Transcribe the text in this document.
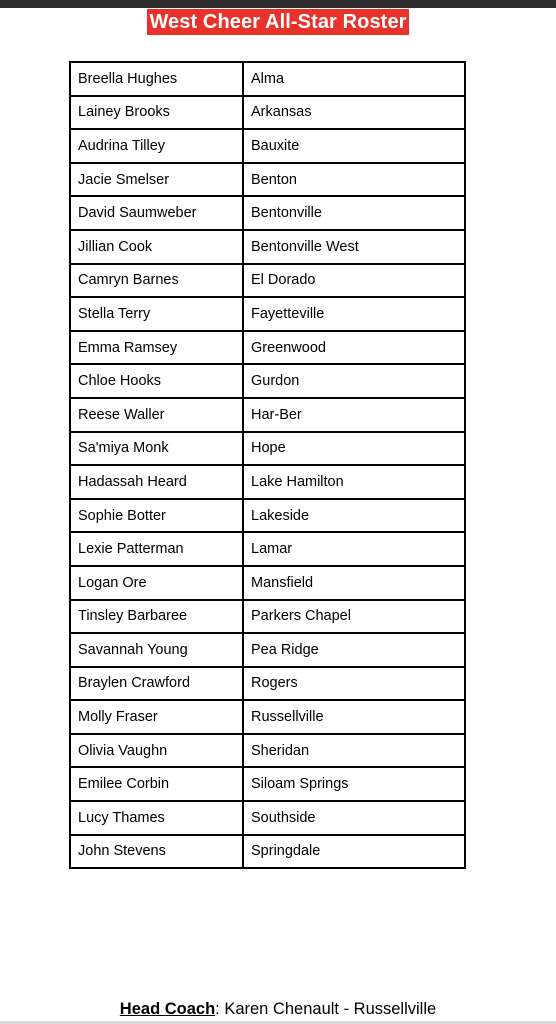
West Cheer All-Star Roster
Breella Hughes	Alma
Lainey Brooks	Arkansas
Audrina Tilley	Bauxite
Jacie Smelser	Benton
David Saumweber	Bentonville
Jillian Cook	Bentonville West
Camryn Barnes	El Dorado
Stella Terry	Fayetteville
Emma Ramsey	Greenwood
Chloe Hooks	Gurdon
Reese Waller	Har-Ber
Sa'miya Monk	Hope
Hadassah Heard	Lake Hamilton
Sophie Botter	Lakeside
Lexie Patterman	Lamar
Logan Ore	Mansfield
Tinsley Barbaree	Parkers Chapel
Savannah Young	Pea Ridge
Braylen Crawford	Rogers
Molly Fraser	Russellville
Olivia Vaughn	Sheridan
Emilee Corbin	Siloam Springs
Lucy Thames	Southside
John Stevens	Springdale
Head Coach: Karen Chenault - Russellville
